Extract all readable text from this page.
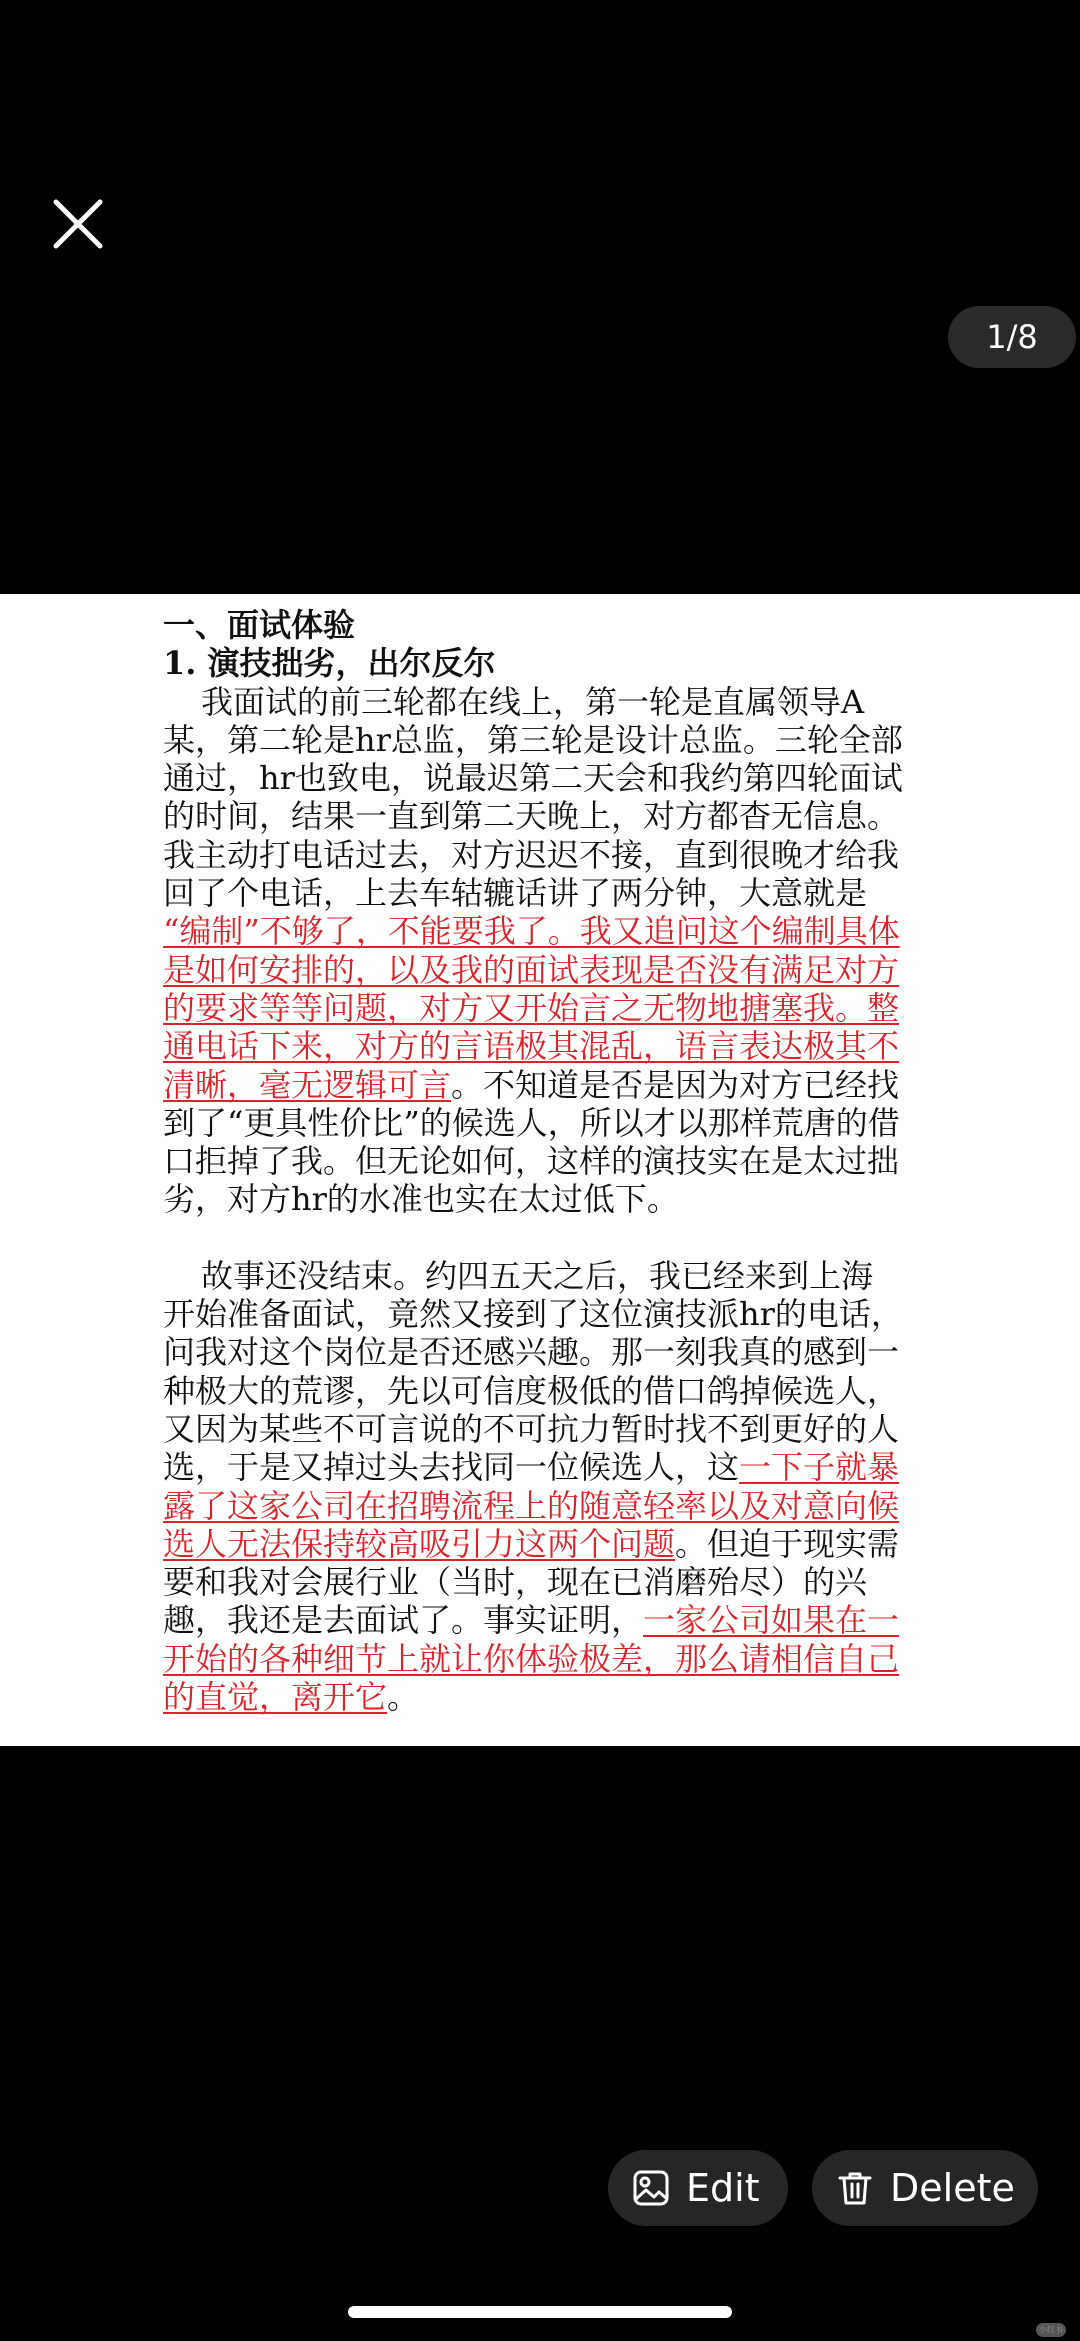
1/8
一、面试体验
1. 演技拙劣，出尔反尔
我面试的前三轮都在线上，第一轮是直属领导A
某，第二轮是hr总监，第三轮是设计总监。三轮全部
通过，hr也致电，说最迟第二天会和我约第四轮面试
的时间，结果一直到第二天晚上，对方都杳无信息。
我主动打电话过去，对方迟迟不接，直到很晚才给我
回了个电话，上去车轱辘话讲了两分钟，大意就是
“编制”不够了，不能要我了。我又追问这个编制具体
是如何安排的，以及我的面试表现是否没有满足对方
的要求等等问题，对方又开始言之无物地搪塞我。整
通电话下来，对方的言语极其混乱，语言表达极其不
清晰，毫无逻辑可言。不知道是否是因为对方已经找
到了“更具性价比”的候选人，所以才以那样荒唐的借
口拒掉了我。但无论如何，这样的演技实在是太过拙
劣，对方hr的水准也实在太过低下。
故事还没结束。约四五天之后，我已经来到上海
开始准备面试，竟然又接到了这位演技派hr的电话，
问我对这个岗位是否还感兴趣。那一刻我真的感到一
种极大的荒谬，先以可信度极低的借口鸽掉候选人，
又因为某些不可言说的不可抗力暂时找不到更好的人
选，于是又掉过头去找同一位候选人，这一下子就暴
露了这家公司在招聘流程上的随意轻率以及对意向候
选人无法保持较高吸引力这两个问题。但迫于现实需
要和我对会展行业（当时，现在已消磨殆尽）的兴
趣，我还是去面试了。事实证明，一家公司如果在一
开始的各种细节上就让你体验极差，那么请相信自己
的直觉，离开它。
Edit	Delete
小红书
